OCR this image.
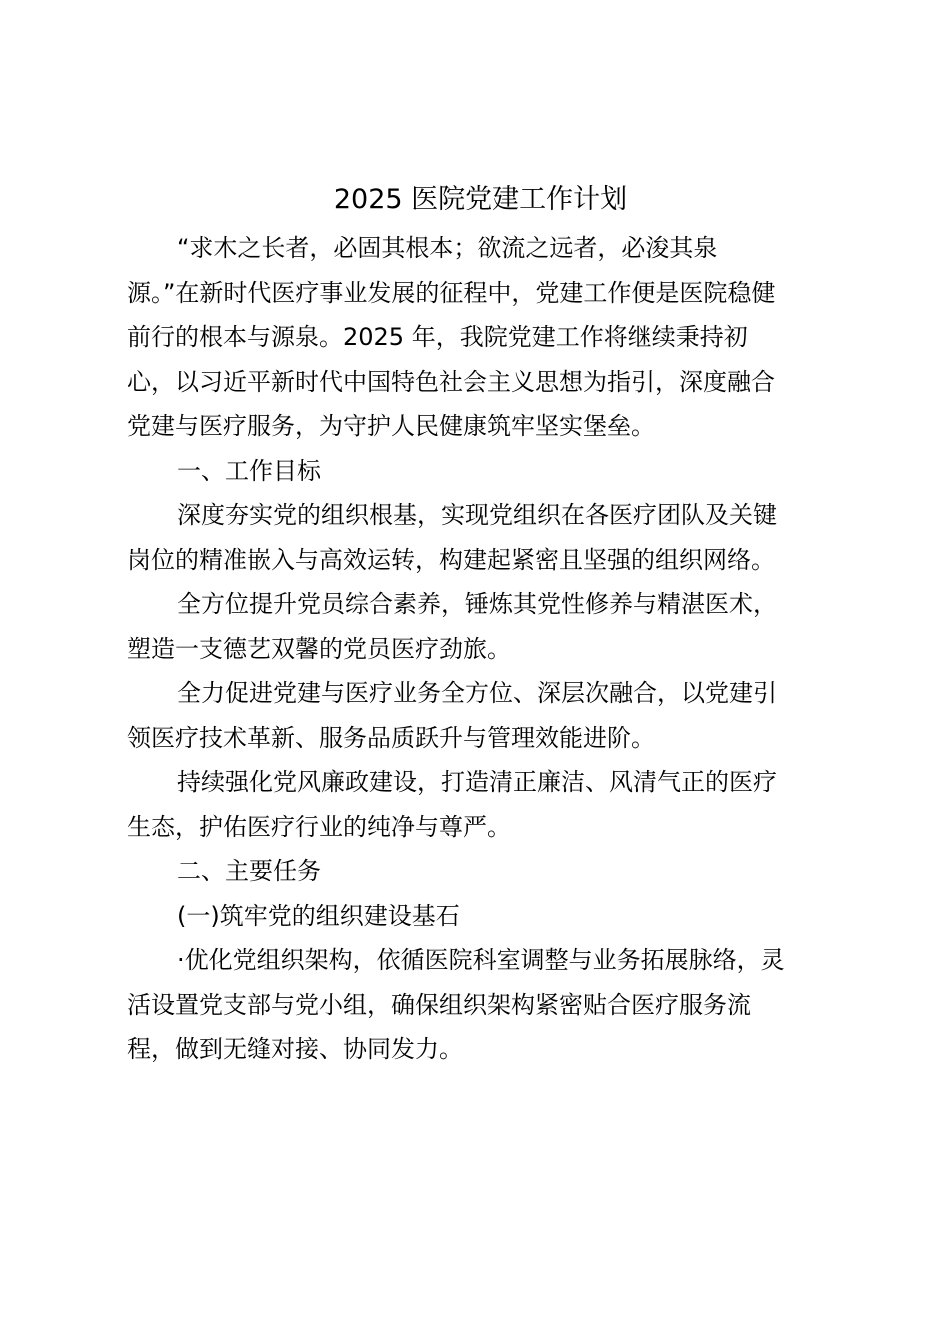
2025 医院党建工作计划

“求木之长者，必固其根本；欲流之远者，必浚其泉
源。”在新时代医疗事业发展的征程中，党建工作便是医院稳健
前行的根本与源泉。2025 年，我院党建工作将继续秉持初
心，以习近平新时代中国特色社会主义思想为指引，深度融合
党建与医疗服务，为守护人民健康筑牢坚实堡垒。

一、工作目标

深度夯实党的组织根基，实现党组织在各医疗团队及关键
岗位的精准嵌入与高效运转，构建起紧密且坚强的组织网络。

全方位提升党员综合素养，锤炼其党性修养与精湛医术，
塑造一支德艺双馨的党员医疗劲旅。

全力促进党建与医疗业务全方位、深层次融合，以党建引
领医疗技术革新、服务品质跃升与管理效能进阶。

持续强化党风廉政建设，打造清正廉洁、风清气正的医疗
生态，护佑医疗行业的纯净与尊严。

二、主要任务

(一)筑牢党的组织建设基石

·优化党组织架构，依循医院科室调整与业务拓展脉络，灵
活设置党支部与党小组，确保组织架构紧密贴合医疗服务流
程，做到无缝对接、协同发力。
